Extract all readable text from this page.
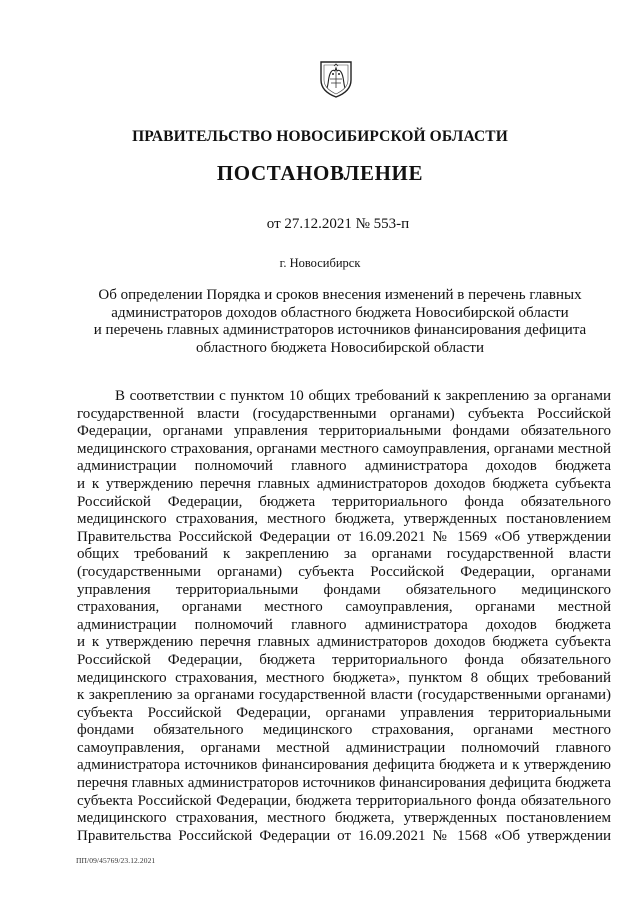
ПРАВИТЕЛЬСТВО НОВОСИБИРСКОЙ ОБЛАСТИ
ПОСТАНОВЛЕНИЕ
от 27.12.2021 № 553-п
г. Новосибирск
Об определении Порядка и сроков внесения изменений в перечень главных
администраторов доходов областного бюджета Новосибирской области
и перечень главных администраторов источников финансирования дефицита
областного бюджета Новосибирской области
В соответствии с пунктом 10 общих требований к закреплению за органами
государственной власти (государственными органами) субъекта Российской
Федерации, органами управления территориальными фондами обязательного
медицинского страхования, органами местного самоуправления, органами местной
администрации полномочий главного администратора доходов бюджета
и к утверждению перечня главных администраторов доходов бюджета субъекта
Российской Федерации, бюджета территориального фонда обязательного
медицинского страхования, местного бюджета, утвержденных постановлением
Правительства Российской Федерации от 16.09.2021 № 1569 «Об утверждении
общих требований к закреплению за органами государственной власти
(государственными органами) субъекта Российской Федерации, органами
управления территориальными фондами обязательного медицинского
страхования, органами местного самоуправления, органами местной
администрации полномочий главного администратора доходов бюджета
и к утверждению перечня главных администраторов доходов бюджета субъекта
Российской Федерации, бюджета территориального фонда обязательного
медицинского страхования, местного бюджета», пунктом 8 общих требований
к закреплению за органами государственной власти (государственными органами)
субъекта Российской Федерации, органами управления территориальными
фондами обязательного медицинского страхования, органами местного
самоуправления, органами местной администрации полномочий главного
администратора источников финансирования дефицита бюджета и к утверждению
перечня главных администраторов источников финансирования дефицита бюджета
субъекта Российской Федерации, бюджета территориального фонда обязательного
медицинского страхования, местного бюджета, утвержденных постановлением
Правительства Российской Федерации от 16.09.2021 № 1568 «Об утверждении
ПП/09/45769/23.12.2021
